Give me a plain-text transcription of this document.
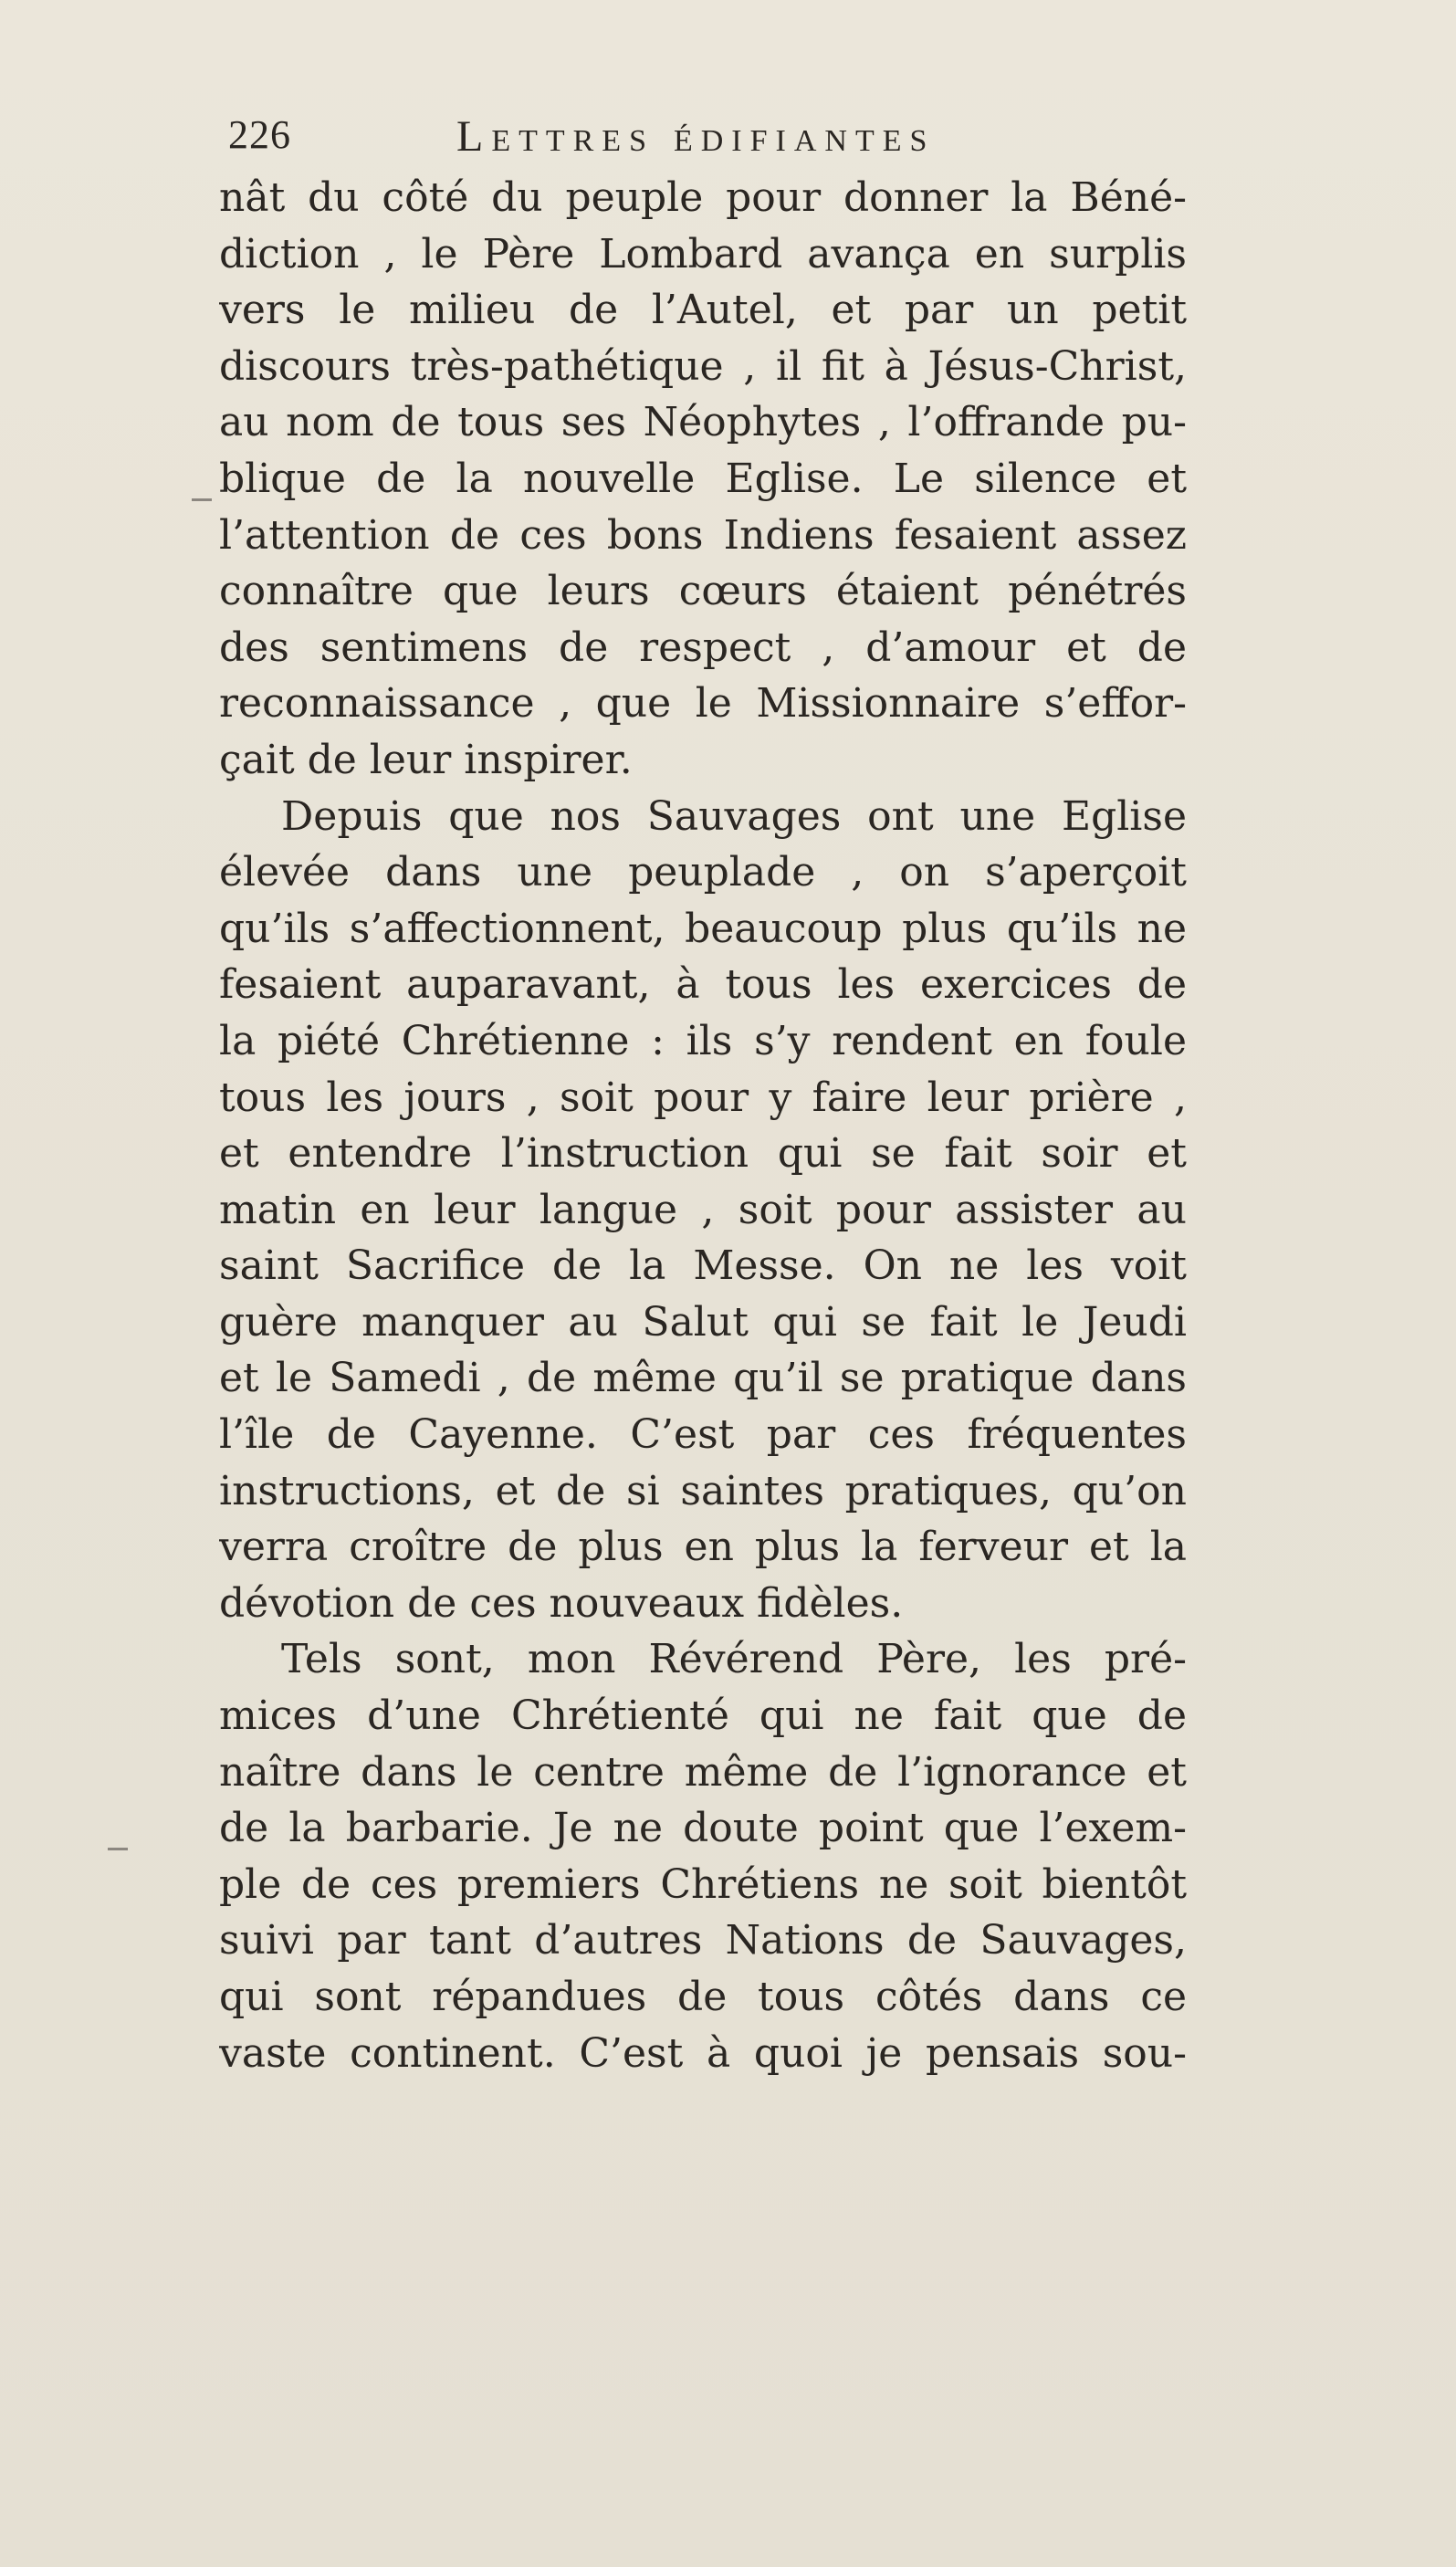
226	Lettres édifiantes
nât du côté du peuple pour donner la Béné-
diction , le Père Lombard avança en surplis
vers le milieu de l’Autel, et par un petit
discours très-pathétique , il fit à Jésus-Christ,
au nom de tous ses Néophytes , l’offrande pu-
blique de la nouvelle Eglise. Le silence et
l’attention de ces bons Indiens fesaient assez
connaître que leurs cœurs étaient pénétrés
des sentimens de respect , d’amour et de
reconnaissance , que le Missionnaire s’effor-
çait de leur inspirer.
Depuis que nos Sauvages ont une Eglise
élevée dans une peuplade , on s’aperçoit
qu’ils s’affectionnent, beaucoup plus qu’ils ne
fesaient auparavant, à tous les exercices de
la piété Chrétienne : ils s’y rendent en foule
tous les jours , soit pour y faire leur prière ,
et entendre l’instruction qui se fait soir et
matin en leur langue , soit pour assister au
saint Sacrifice de la Messe. On ne les voit
guère manquer au Salut qui se fait le Jeudi
et le Samedi , de même qu’il se pratique dans
l’île de Cayenne. C’est par ces fréquentes
instructions, et de si saintes pratiques, qu’on
verra croître de plus en plus la ferveur et la
dévotion de ces nouveaux fidèles.
Tels sont, mon Révérend Père, les pré-
mices d’une Chrétienté qui ne fait que de
naître dans le centre même de l’ignorance et
de la barbarie. Je ne doute point que l’exem-
ple de ces premiers Chrétiens ne soit bientôt
suivi par tant d’autres Nations de Sauvages,
qui sont répandues de tous côtés dans ce
vaste continent. C’est à quoi je pensais sou-
